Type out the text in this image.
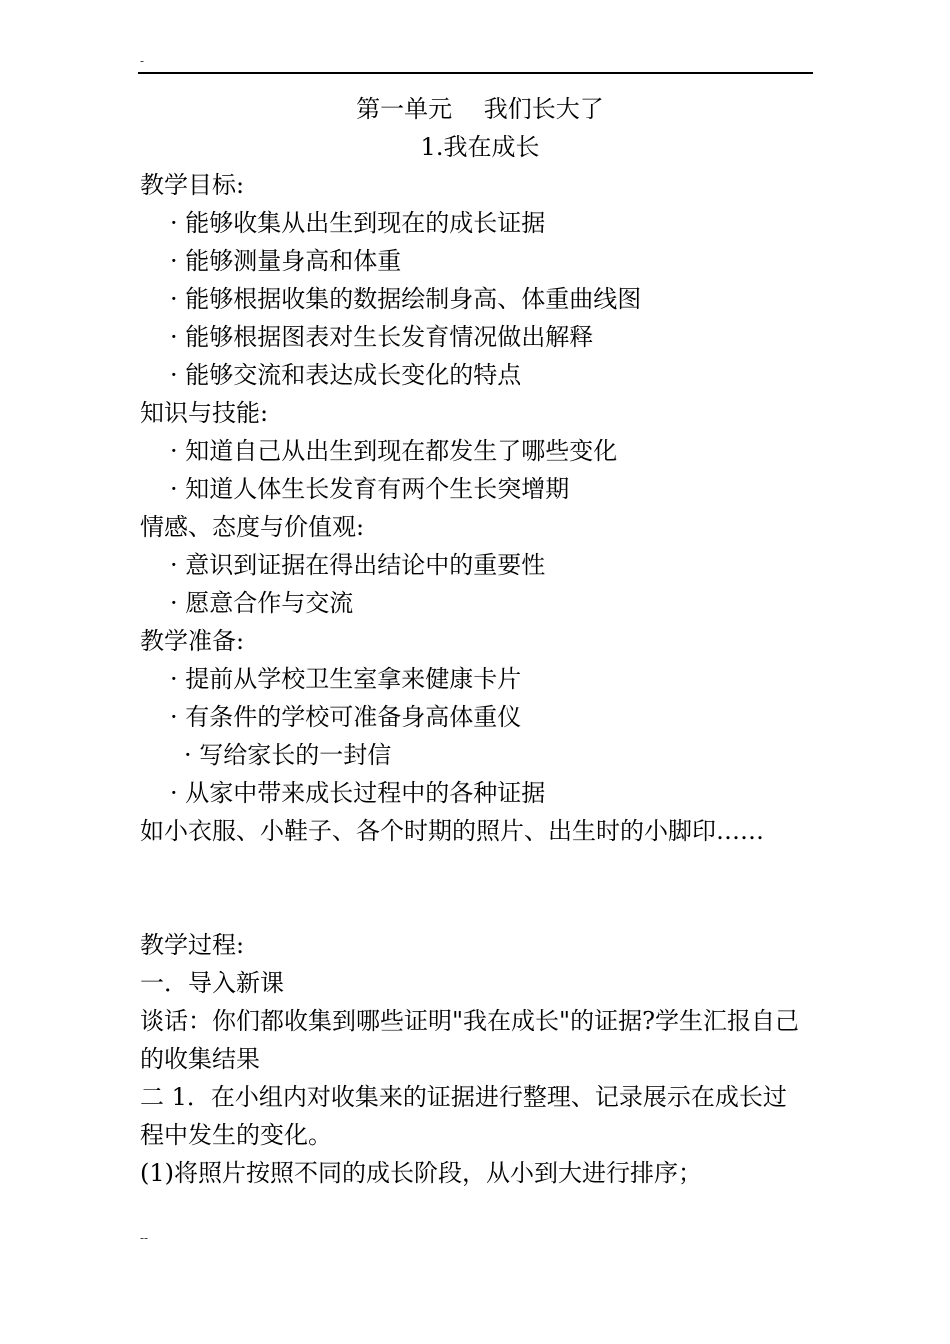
-

第一单元　 我们长大了

1.我在成长

教学目标:

· 能够收集从出生到现在的成长证据

· 能够测量身高和体重

· 能够根据收集的数据绘制身高、体重曲线图

· 能够根据图表对生长发育情况做出解释

· 能够交流和表达成长变化的特点

知识与技能:

· 知道自己从出生到现在都发生了哪些变化

· 知道人体生长发育有两个生长突增期

情感、态度与价值观:

· 意识到证据在得出结论中的重要性

· 愿意合作与交流

教学准备:

· 提前从学校卫生室拿来健康卡片

· 有条件的学校可准备身高体重仪

· 写给家长的一封信

· 从家中带来成长过程中的各种证据

如小衣服、小鞋子、各个时期的照片、出生时的小脚印……

教学过程:

一．导入新课

谈话：你们都收集到哪些证明"我在成长"的证据?学生汇报自己的收集结果

二 1．在小组内对收集来的证据进行整理、记录展示在成长过程中发生的变化。

(1)将照片按照不同的成长阶段，从小到大进行排序；

--
